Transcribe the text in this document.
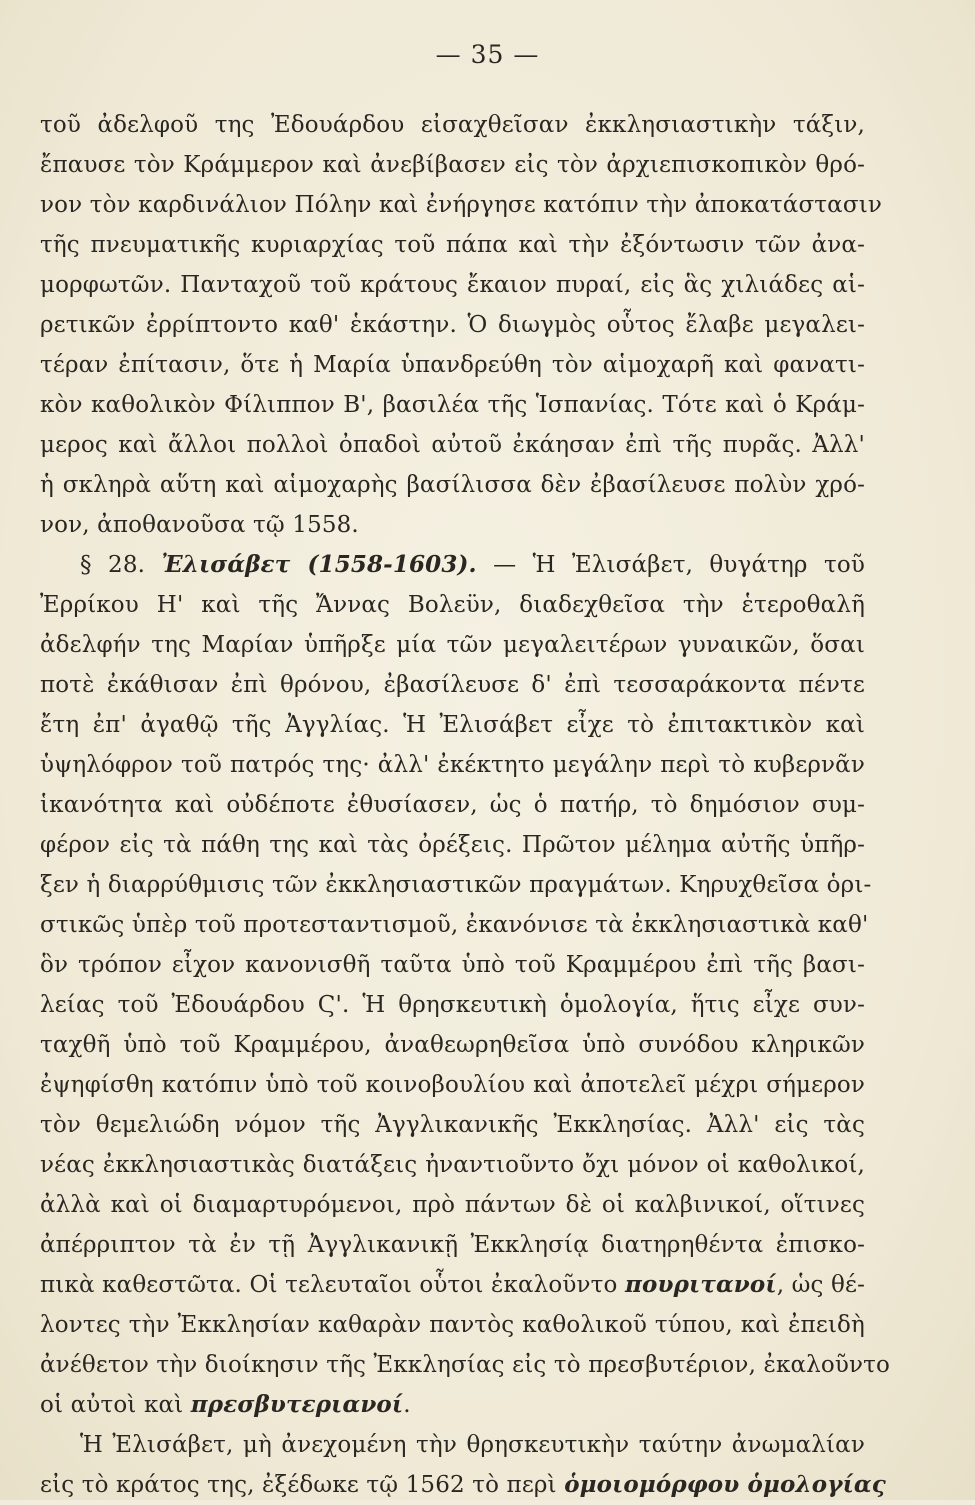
— 35 —
τοῦ ἀδελφοῦ της Ἐδουάρδου εἰσαχθεῖσαν ἐκκλησιαστικὴν τάξιν,
ἔπαυσε τὸν Κράμμερον καὶ ἀνεβίβασεν εἰς τὸν ἀρχιεπισκοπικὸν θρό-
νον τὸν καρδινάλιον Πόλην καὶ ἐνήργησε κατόπιν τὴν ἀποκατάστασιν
τῆς πνευματικῆς κυριαρχίας τοῦ πάπα καὶ τὴν ἐξόντωσιν τῶν ἀνα-
μορφωτῶν. Πανταχοῦ τοῦ κράτους ἔκαιον πυραί, εἰς ἃς χιλιάδες αἱ-
ρετικῶν ἐρρίπτοντο καθ' ἑκάστην. Ὁ διωγμὸς οὗτος ἔλαβε μεγαλει-
τέραν ἐπίτασιν, ὅτε ἡ Μαρία ὑπανδρεύθη τὸν αἱμοχαρῆ καὶ φανατι-
κὸν καθολικὸν Φίλιππον Β', βασιλέα τῆς Ἱσπανίας. Τότε καὶ ὁ Κράμ-
μερος καὶ ἄλλοι πολλοὶ ὀπαδοὶ αὐτοῦ ἐκάησαν ἐπὶ τῆς πυρᾶς. Ἀλλ'
ἡ σκληρὰ αὕτη καὶ αἱμοχαρὴς βασίλισσα δὲν ἐβασίλευσε πολὺν χρό-
νον, ἀποθανοῦσα τῷ 1558.
§ 28. Ἐλισάβετ (1558-1603). — Ἡ Ἐλισάβετ, θυγάτηρ τοῦ
Ἐρρίκου Η' καὶ τῆς Ἄννας Βολεϋν, διαδεχθεῖσα τὴν ἑτεροθαλῆ
ἀδελφήν της Μαρίαν ὑπῆρξε μία τῶν μεγαλειτέρων γυναικῶν, ὅσαι
ποτὲ ἐκάθισαν ἐπὶ θρόνου, ἐβασίλευσε δ' ἐπὶ τεσσαράκοντα πέντε
ἔτη ἐπ' ἀγαθῷ τῆς Ἀγγλίας. Ἡ Ἐλισάβετ εἶχε τὸ ἐπιτακτικὸν καὶ
ὑψηλόφρον τοῦ πατρός της· ἀλλ' ἐκέκτητο μεγάλην περὶ τὸ κυβερνᾶν
ἱκανότητα καὶ οὐδέποτε ἐθυσίασεν, ὡς ὁ πατήρ, τὸ δημόσιον συμ-
φέρον εἰς τὰ πάθη της καὶ τὰς ὀρέξεις. Πρῶτον μέλημα αὐτῆς ὑπῆρ-
ξεν ἡ διαρρύθμισις τῶν ἐκκλησιαστικῶν πραγμάτων. Κηρυχθεῖσα ὁρι-
στικῶς ὑπὲρ τοῦ προτεσταντισμοῦ, ἐκανόνισε τὰ ἐκκλησιαστικὰ καθ'
ὃν τρόπον εἶχον κανονισθῆ ταῦτα ὑπὸ τοῦ Κραμμέρου ἐπὶ τῆς βασι-
λείας τοῦ Ἐδουάρδου Ϛ'. Ἡ θρησκευτικὴ ὁμολογία, ἥτις εἶχε συν-
ταχθῆ ὑπὸ τοῦ Κραμμέρου, ἀναθεωρηθεῖσα ὑπὸ συνόδου κληρικῶν
ἐψηφίσθη κατόπιν ὑπὸ τοῦ κοινοβουλίου καὶ ἀποτελεῖ μέχρι σήμερον
τὸν θεμελιώδη νόμον τῆς Ἀγγλικανικῆς Ἐκκλησίας. Ἀλλ' εἰς τὰς
νέας ἐκκλησιαστικὰς διατάξεις ἠναντιοῦντο ὄχι μόνον οἱ καθολικοί,
ἀλλὰ καὶ οἱ διαμαρτυρόμενοι, πρὸ πάντων δὲ οἱ καλβινικοί, οἵτινες
ἀπέρριπτον τὰ ἐν τῇ Ἀγγλικανικῇ Ἐκκλησίᾳ διατηρηθέντα ἐπισκο-
πικὰ καθεστῶτα. Οἱ τελευταῖοι οὗτοι ἐκαλοῦντο πουριτανοί, ὡς θέ-
λοντες τὴν Ἐκκλησίαν καθαρὰν παντὸς καθολικοῦ τύπου, καὶ ἐπειδὴ
ἀνέθετον τὴν διοίκησιν τῆς Ἐκκλησίας εἰς τὸ πρεσβυτέριον, ἐκαλοῦντο
οἱ αὐτοὶ καὶ πρεσβυτεριανοί.
Ἡ Ἐλισάβετ, μὴ ἀνεχομένη τὴν θρησκευτικὴν ταύτην ἀνωμαλίαν
εἰς τὸ κράτος της, ἐξέδωκε τῷ 1562 τὸ περὶ ὁμοιομόρφου ὁμολογίας
